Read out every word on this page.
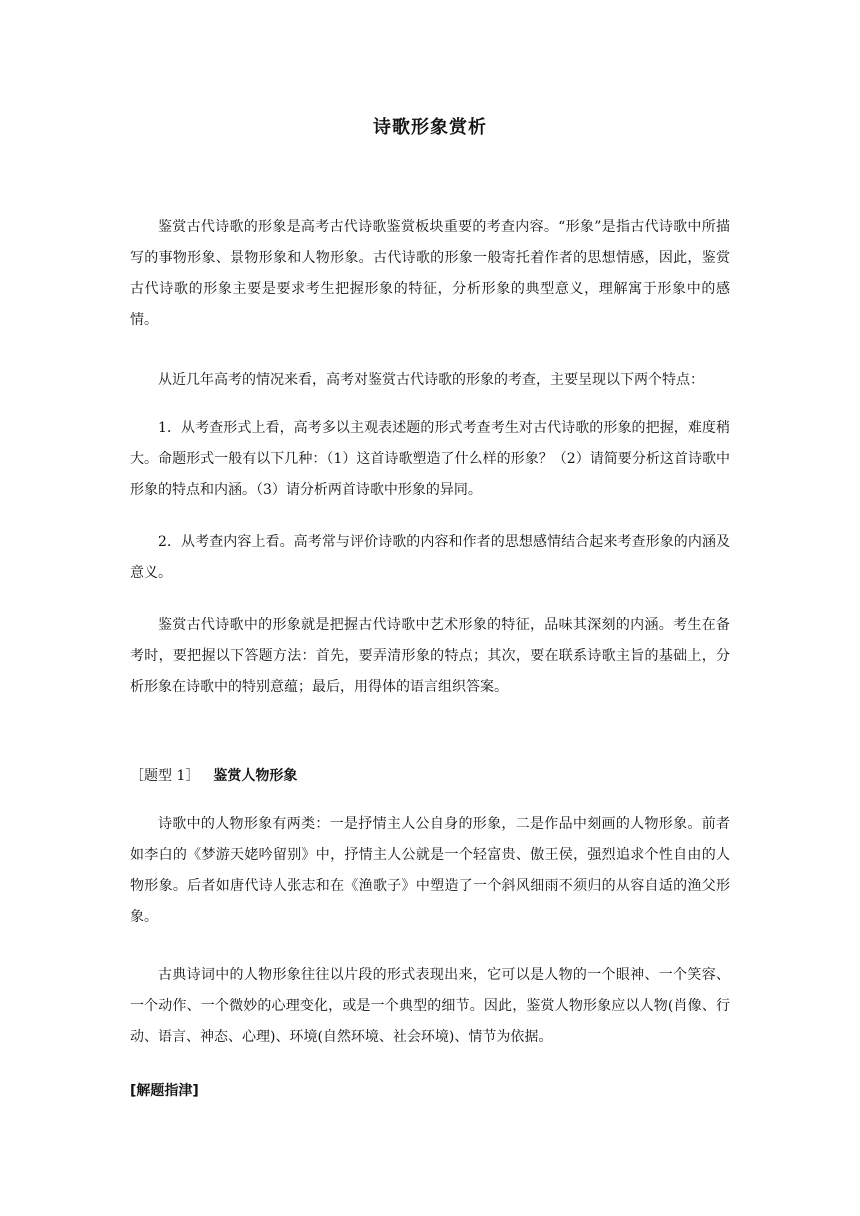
诗歌形象赏析

鉴赏古代诗歌的形象是高考古代诗歌鉴赏板块重要的考查内容。“形象”是指古代诗歌中所描写的事物形象、景物形象和人物形象。古代诗歌的形象一般寄托着作者的思想情感，因此，鉴赏古代诗歌的形象主要是要求考生把握形象的特征，分析形象的典型意义，理解寓于形象中的感情。

从近几年高考的情况来看，高考对鉴赏古代诗歌的形象的考查，主要呈现以下两个特点：

1．从考查形式上看，高考多以主观表述题的形式考查考生对古代诗歌的形象的把握，难度稍大。命题形式一般有以下几种：（1）这首诗歌塑造了什么样的形象？（2）请简要分析这首诗歌中形象的特点和内涵。（3）请分析两首诗歌中形象的异同。

2．从考查内容上看。高考常与评价诗歌的内容和作者的思想感情结合起来考查形象的内涵及意义。

鉴赏古代诗歌中的形象就是把握古代诗歌中艺术形象的特征，品味其深刻的内涵。考生在备考时，要把握以下答题方法：首先，要弄清形象的特点；其次，要在联系诗歌主旨的基础上，分析形象在诗歌中的特别意蕴；最后，用得体的语言组织答案。

［题型 1］ 鉴赏人物形象

诗歌中的人物形象有两类：一是抒情主人公自身的形象，二是作品中刻画的人物形象。前者如李白的《梦游天姥吟留别》中，抒情主人公就是一个轻富贵、傲王侯，强烈追求个性自由的人物形象。后者如唐代诗人张志和在《渔歌子》中塑造了一个斜风细雨不须归的从容自适的渔父形象。

古典诗词中的人物形象往往以片段的形式表现出来，它可以是人物的一个眼神、一个笑容、一个动作、一个微妙的心理变化，或是一个典型的细节。因此，鉴赏人物形象应以人物(肖像、行动、语言、神态、心理)、环境(自然环境、社会环境)、情节为依据。

[解题指津]
